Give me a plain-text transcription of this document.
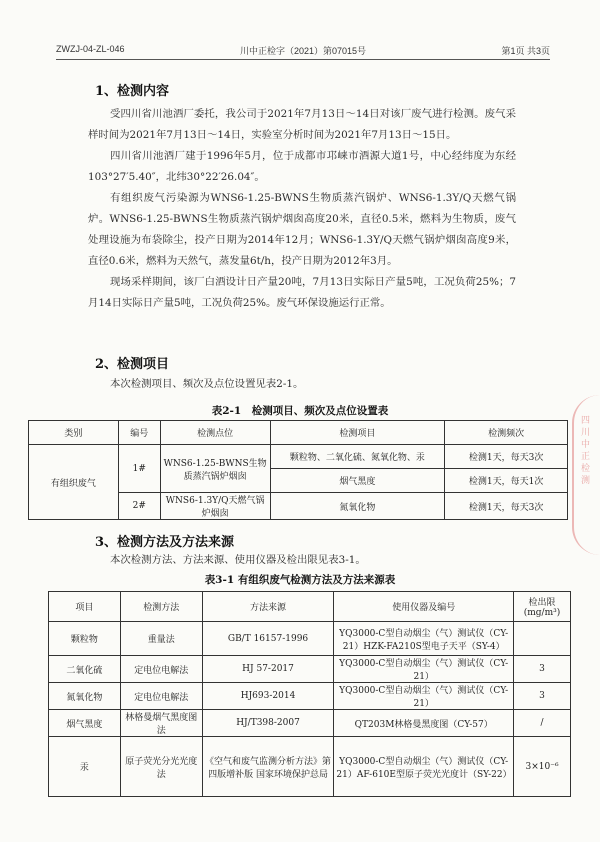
ZWZJ-04-ZL-046	川中正检字（2021）第07015号	第1页 共3页
1、检测内容

受四川省川池酒厂委托，我公司于2021年7月13日～14日对该厂废气进行检测。废气采样时间为2021年7月13日～14日，实验室分析时间为2021年7月13日～15日。

四川省川池酒厂建于1996年5月，位于成都市邛崃市酒源大道1号，中心经纬度为东经103°27′5.40″，北纬30°22′26.04″。

有组织废气污染源为WNS6-1.25-BWNS生物质蒸汽锅炉、WNS6-1.3Y/Q天燃气锅炉。WNS6-1.25-BWNS生物质蒸汽锅炉烟囱高度20米，直径0.5米，燃料为生物质，废气处理设施为布袋除尘，投产日期为2014年12月；WNS6-1.3Y/Q天燃气锅炉烟囱高度9米，直径0.6米，燃料为天然气，蒸发量6t/h，投产日期为2012年3月。

现场采样期间，该厂白酒设计日产量20吨，7月13日实际日产量5吨，工况负荷25%；7月14日实际日产量5吨，工况负荷25%。废气环保设施运行正常。

2、检测项目

本次检测项目、频次及点位设置见表2-1。

表2-1　检测项目、频次及点位设置表
类别	编号	检测点位	检测项目	检测频次
有组织废气	1#	WNS6-1.25-BWNS生物质蒸汽锅炉烟囱	颗粒物、二氧化硫、氮氧化物、汞	检测1天，每天3次
			烟气黑度	检测1天，每天1次
	2#	WNS6-1.3Y/Q天燃气锅炉烟囱	氮氧化物	检测1天，每天3次
3、检测方法及方法来源

本次检测方法、方法来源、使用仪器及检出限见表3-1。

表3-1 有组织废气检测方法及方法来源表
项目	检测方法	方法来源	使用仪器及编号	检出限
(mg/m³)
颗粒物	重量法	GB/T 16157-1996	YQ3000-C型自动烟尘（气）测试仪（CY-21）HZK-FA210S型电子天平（SY-4）	
二氧化硫	定电位电解法	HJ 57-2017	YQ3000-C型自动烟尘（气）测试仪（CY-21）	3
氮氧化物	定电位电解法	HJ693-2014	YQ3000-C型自动烟尘（气）测试仪（CY-21）	3
烟气黑度	林格曼烟气黑度图法	HJ/T398-2007	QT203M林格曼黑度图（CY-57）	/
汞	原子荧光分光光度法	《空气和废气监测分析方法》第四版增补版 国家环境保护总局	YQ3000-C型自动烟尘（气）测试仪（CY-21）AF-610E型原子荧光光度计（SY-22）	3×10⁻⁶
四川中正检测
